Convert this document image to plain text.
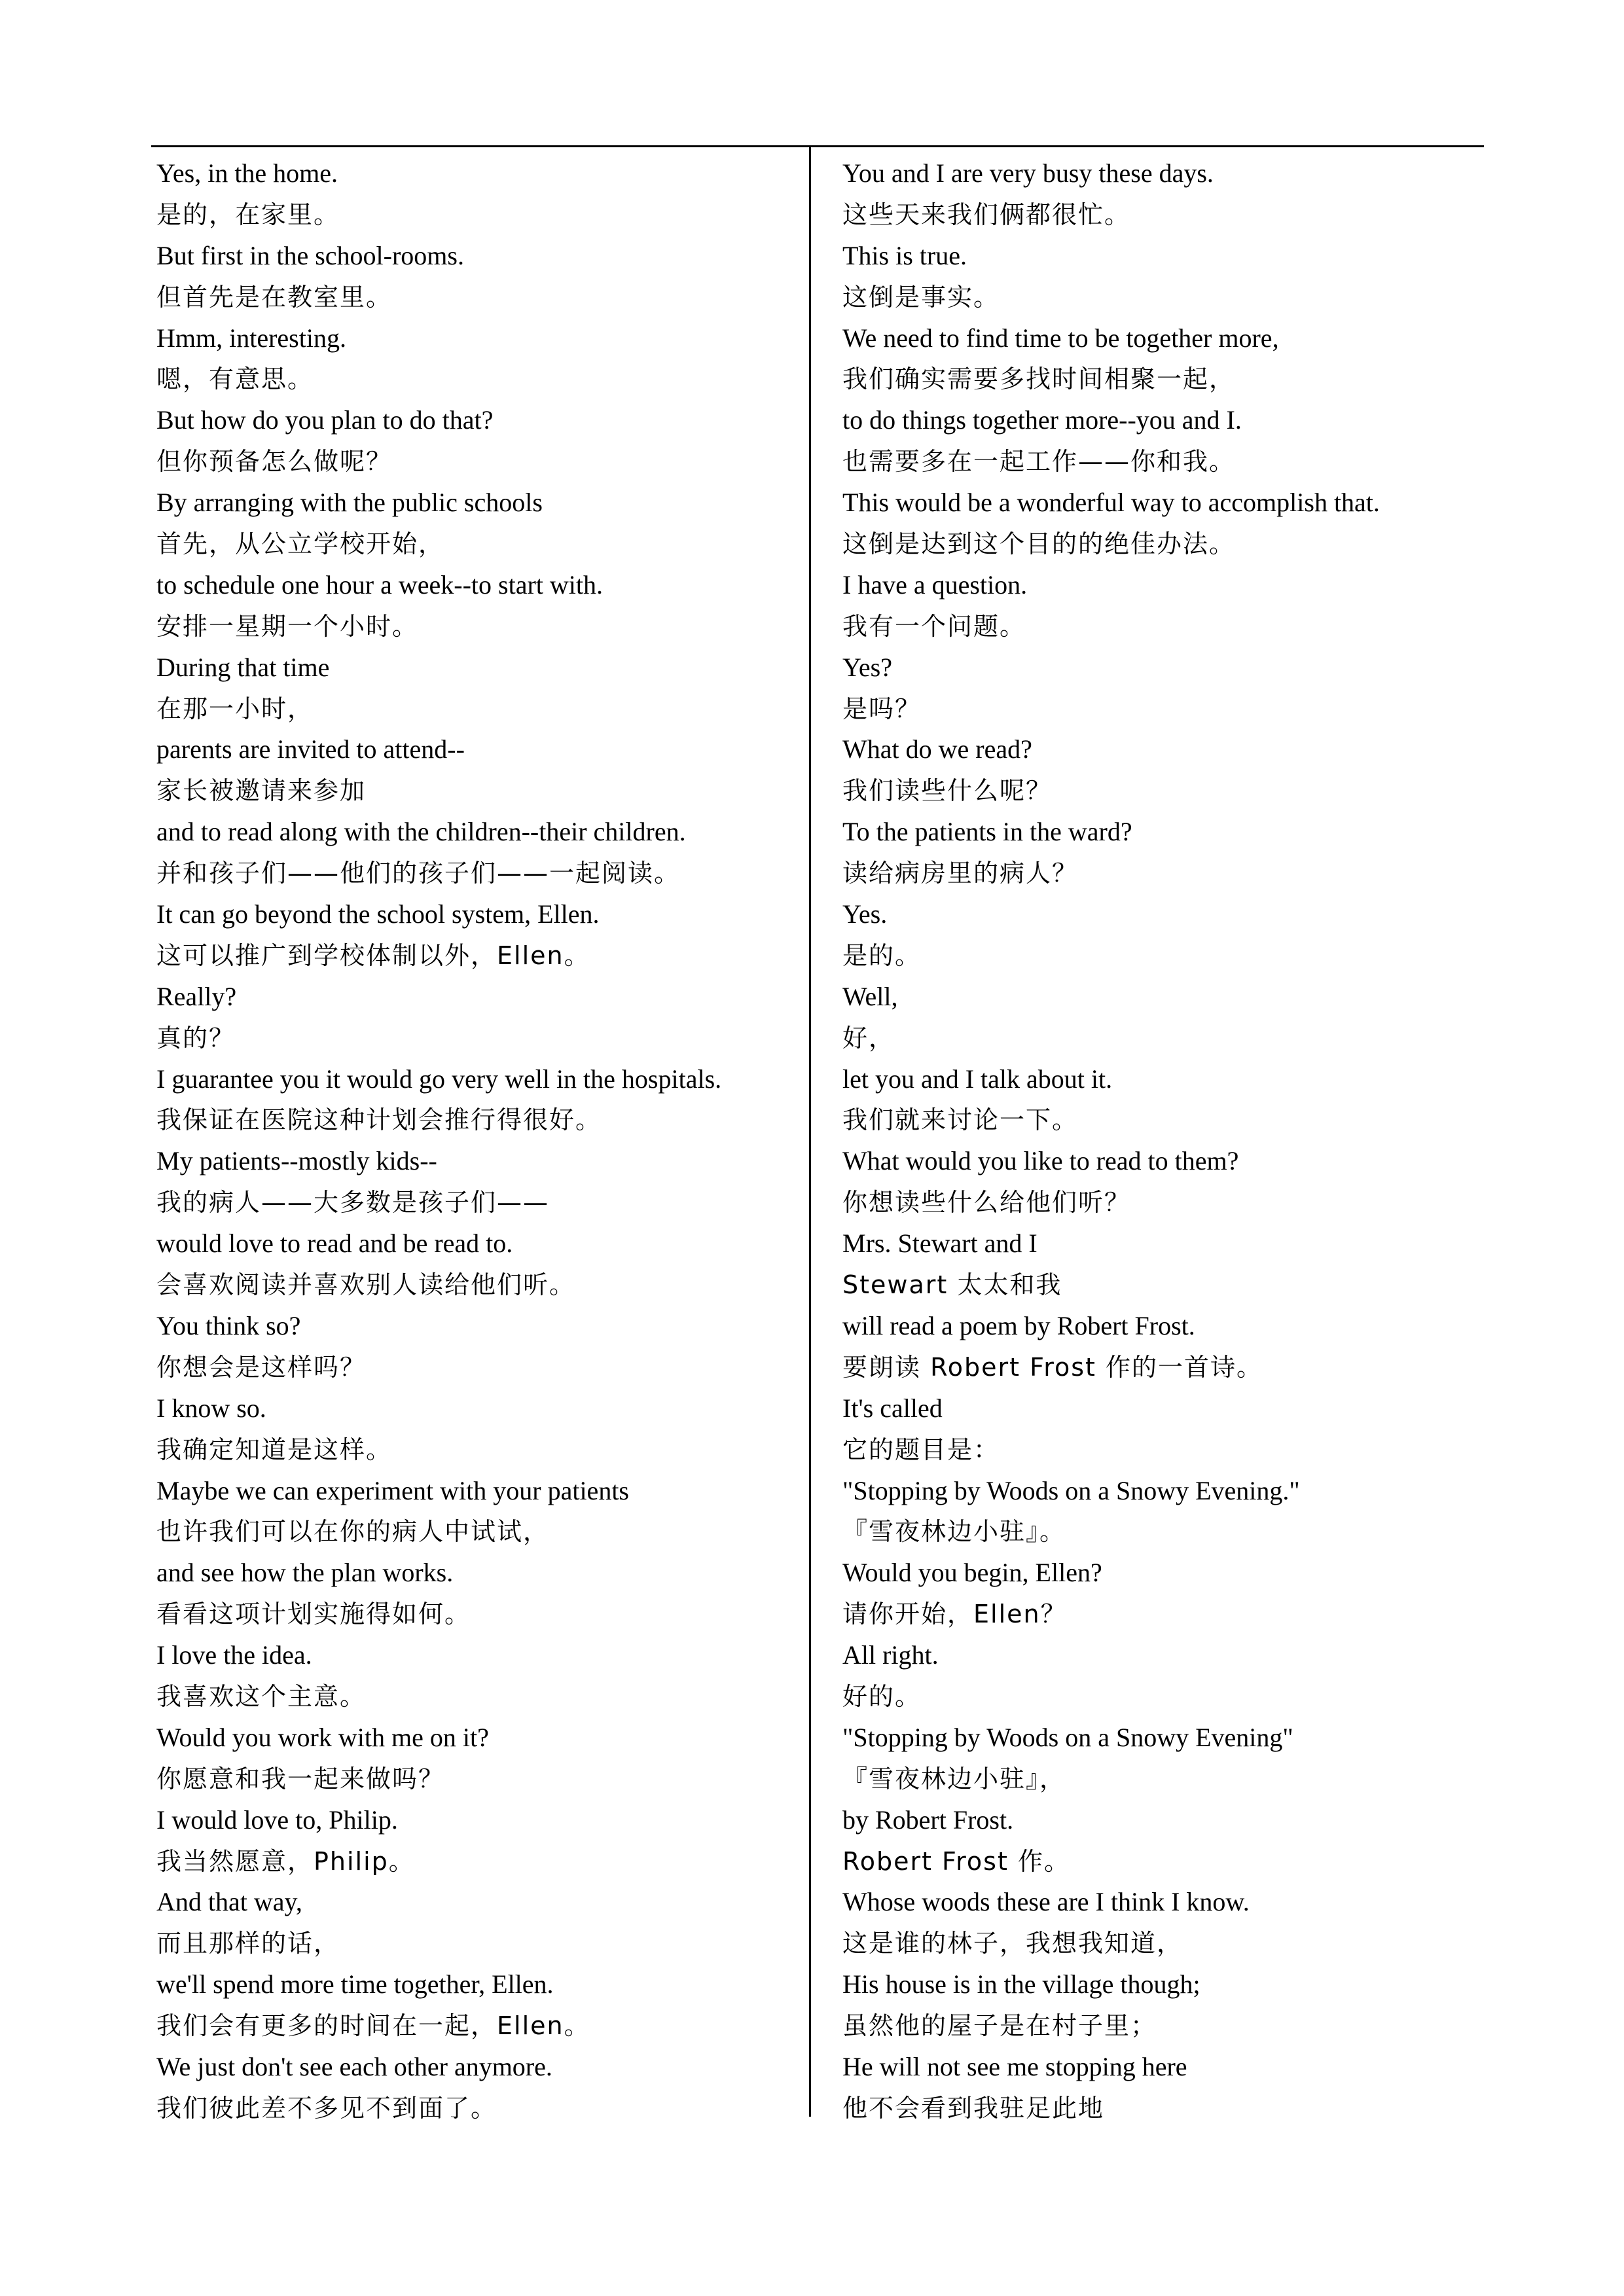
Yes, in the home.
是的，在家里。
But first in the school-rooms.
但首先是在教室里。
Hmm, interesting.
嗯，有意思。
But how do you plan to do that?
但你预备怎么做呢？
By arranging with the public schools
首先，从公立学校开始，
to schedule one hour a week--to start with.
安排一星期一个小时。
During that time
在那一小时，
parents are invited to attend--
家长被邀请来参加
and to read along with the children--their children.
并和孩子们——他们的孩子们——一起阅读。
It can go beyond the school system, Ellen.
这可以推广到学校体制以外，Ellen。
Really?
真的？
I guarantee you it would go very well in the hospitals.
我保证在医院这种计划会推行得很好。
My patients--mostly kids--
我的病人——大多数是孩子们——
would love to read and be read to.
会喜欢阅读并喜欢别人读给他们听。
You think so?
你想会是这样吗？
I know so.
我确定知道是这样。
Maybe we can experiment with your patients
也许我们可以在你的病人中试试，
and see how the plan works.
看看这项计划实施得如何。
I love the idea.
我喜欢这个主意。
Would you work with me on it?
你愿意和我一起来做吗？
I would love to, Philip.
我当然愿意，Philip。
And that way,
而且那样的话，
we'll spend more time together, Ellen.
我们会有更多的时间在一起，Ellen。
We just don't see each other anymore.
我们彼此差不多见不到面了。
You and I are very busy these days.
这些天来我们俩都很忙。
This is true.
这倒是事实。
We need to find time to be together more,
我们确实需要多找时间相聚一起，
to do things together more--you and I.
也需要多在一起工作——你和我。
This would be a wonderful way to accomplish that.
这倒是达到这个目的的绝佳办法。
I have a question.
我有一个问题。
Yes?
是吗？
What do we read?
我们读些什么呢？
To the patients in the ward?
读给病房里的病人？
Yes.
是的。
Well,
好，
let you and I talk about it.
我们就来讨论一下。
What would you like to read to them?
你想读些什么给他们听？
Mrs. Stewart and I
Stewart 太太和我
will read a poem by Robert Frost.
要朗读 Robert Frost 作的一首诗。
It's called
它的题目是：
"Stopping by Woods on a Snowy Evening."
『雪夜林边小驻』。
Would you begin, Ellen?
请你开始，Ellen？
All right.
好的。
"Stopping by Woods on a Snowy Evening"
『雪夜林边小驻』，
by Robert Frost.
Robert Frost 作。
Whose woods these are I think I know.
这是谁的林子，我想我知道，
His house is in the village though;
虽然他的屋子是在村子里；
He will not see me stopping here
他不会看到我驻足此地
